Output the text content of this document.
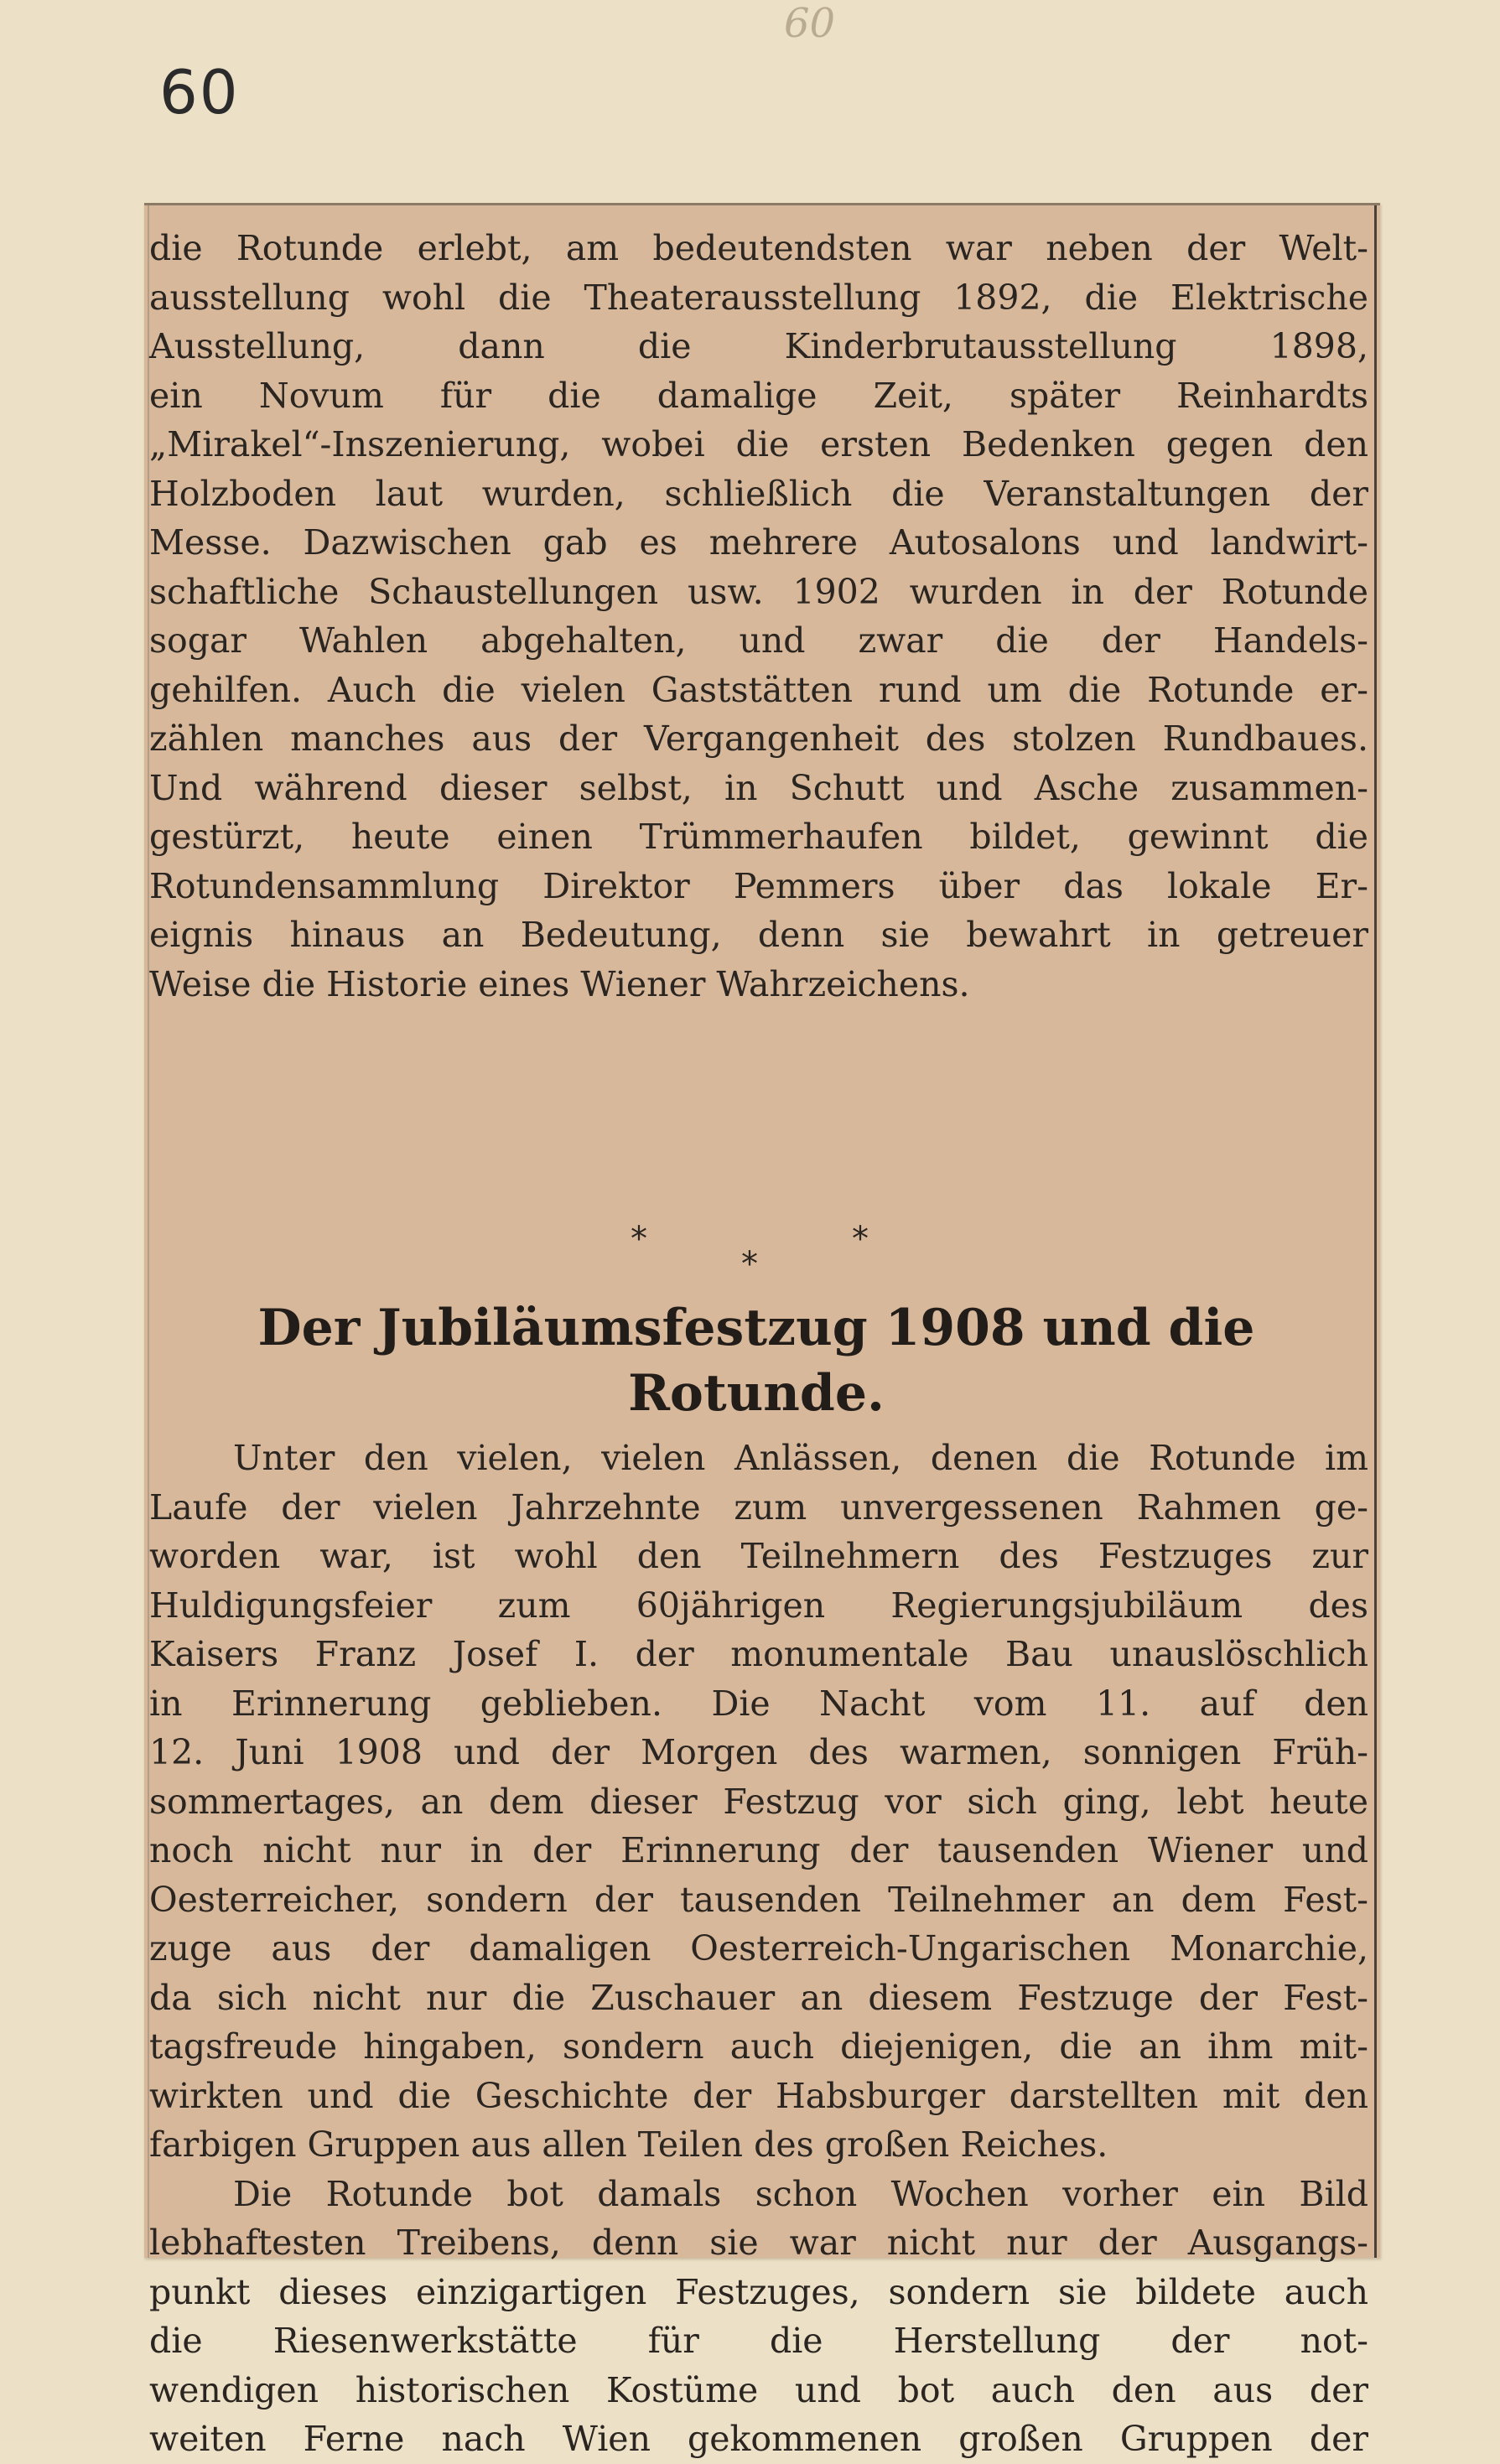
60
60
die Rotunde erlebt, am bedeutendsten war neben der Welt-
ausstellung wohl die Theaterausstellung 1892, die Elektrische
Ausstellung, dann die Kinderbrutausstellung 1898,
ein Novum für die damalige Zeit, später Reinhardts
„Mirakel“-Inszenierung, wobei die ersten Bedenken gegen den
Holzboden laut wurden, schließlich die Veranstaltungen der
Messe. Dazwischen gab es mehrere Autosalons und landwirt-
schaftliche Schaustellungen usw. 1902 wurden in der Rotunde
sogar Wahlen abgehalten, und zwar die der Handels-
gehilfen. Auch die vielen Gaststätten rund um die Rotunde er-
zählen manches aus der Vergangenheit des stolzen Rundbaues.
Und während dieser selbst, in Schutt und Asche zusammen-
gestürzt, heute einen Trümmerhaufen bildet, gewinnt die
Rotundensammlung Direktor Pemmers über das lokale Er-
eignis hinaus an Bedeutung, denn sie bewahrt in getreuer
Weise die Historie eines Wiener Wahrzeichens.
*
*
*
Der Jubiläumsfestzug 1908 und die
Rotunde.
Unter den vielen, vielen Anlässen, denen die Rotunde im
Laufe der vielen Jahrzehnte zum unvergessenen Rahmen ge-
worden war, ist wohl den Teilnehmern des Festzuges zur
Huldigungsfeier zum 60jährigen Regierungsjubiläum des
Kaisers Franz Josef I. der monumentale Bau unauslöschlich
in Erinnerung geblieben. Die Nacht vom 11. auf den
12. Juni 1908 und der Morgen des warmen, sonnigen Früh-
sommertages, an dem dieser Festzug vor sich ging, lebt heute
noch nicht nur in der Erinnerung der tausenden Wiener und
Oesterreicher, sondern der tausenden Teilnehmer an dem Fest-
zuge aus der damaligen Oesterreich-Ungarischen Monarchie,
da sich nicht nur die Zuschauer an diesem Festzuge der Fest-
tagsfreude hingaben, sondern auch diejenigen, die an ihm mit-
wirkten und die Geschichte der Habsburger darstellten mit den
farbigen Gruppen aus allen Teilen des großen Reiches.
Die Rotunde bot damals schon Wochen vorher ein Bild
lebhaftesten Treibens, denn sie war nicht nur der Ausgangs-
punkt dieses einzigartigen Festzuges, sondern sie bildete auch
die Riesenwerkstätte für die Herstellung der not-
wendigen historischen Kostüme und bot auch den aus der
weiten Ferne nach Wien gekommenen großen Gruppen der
